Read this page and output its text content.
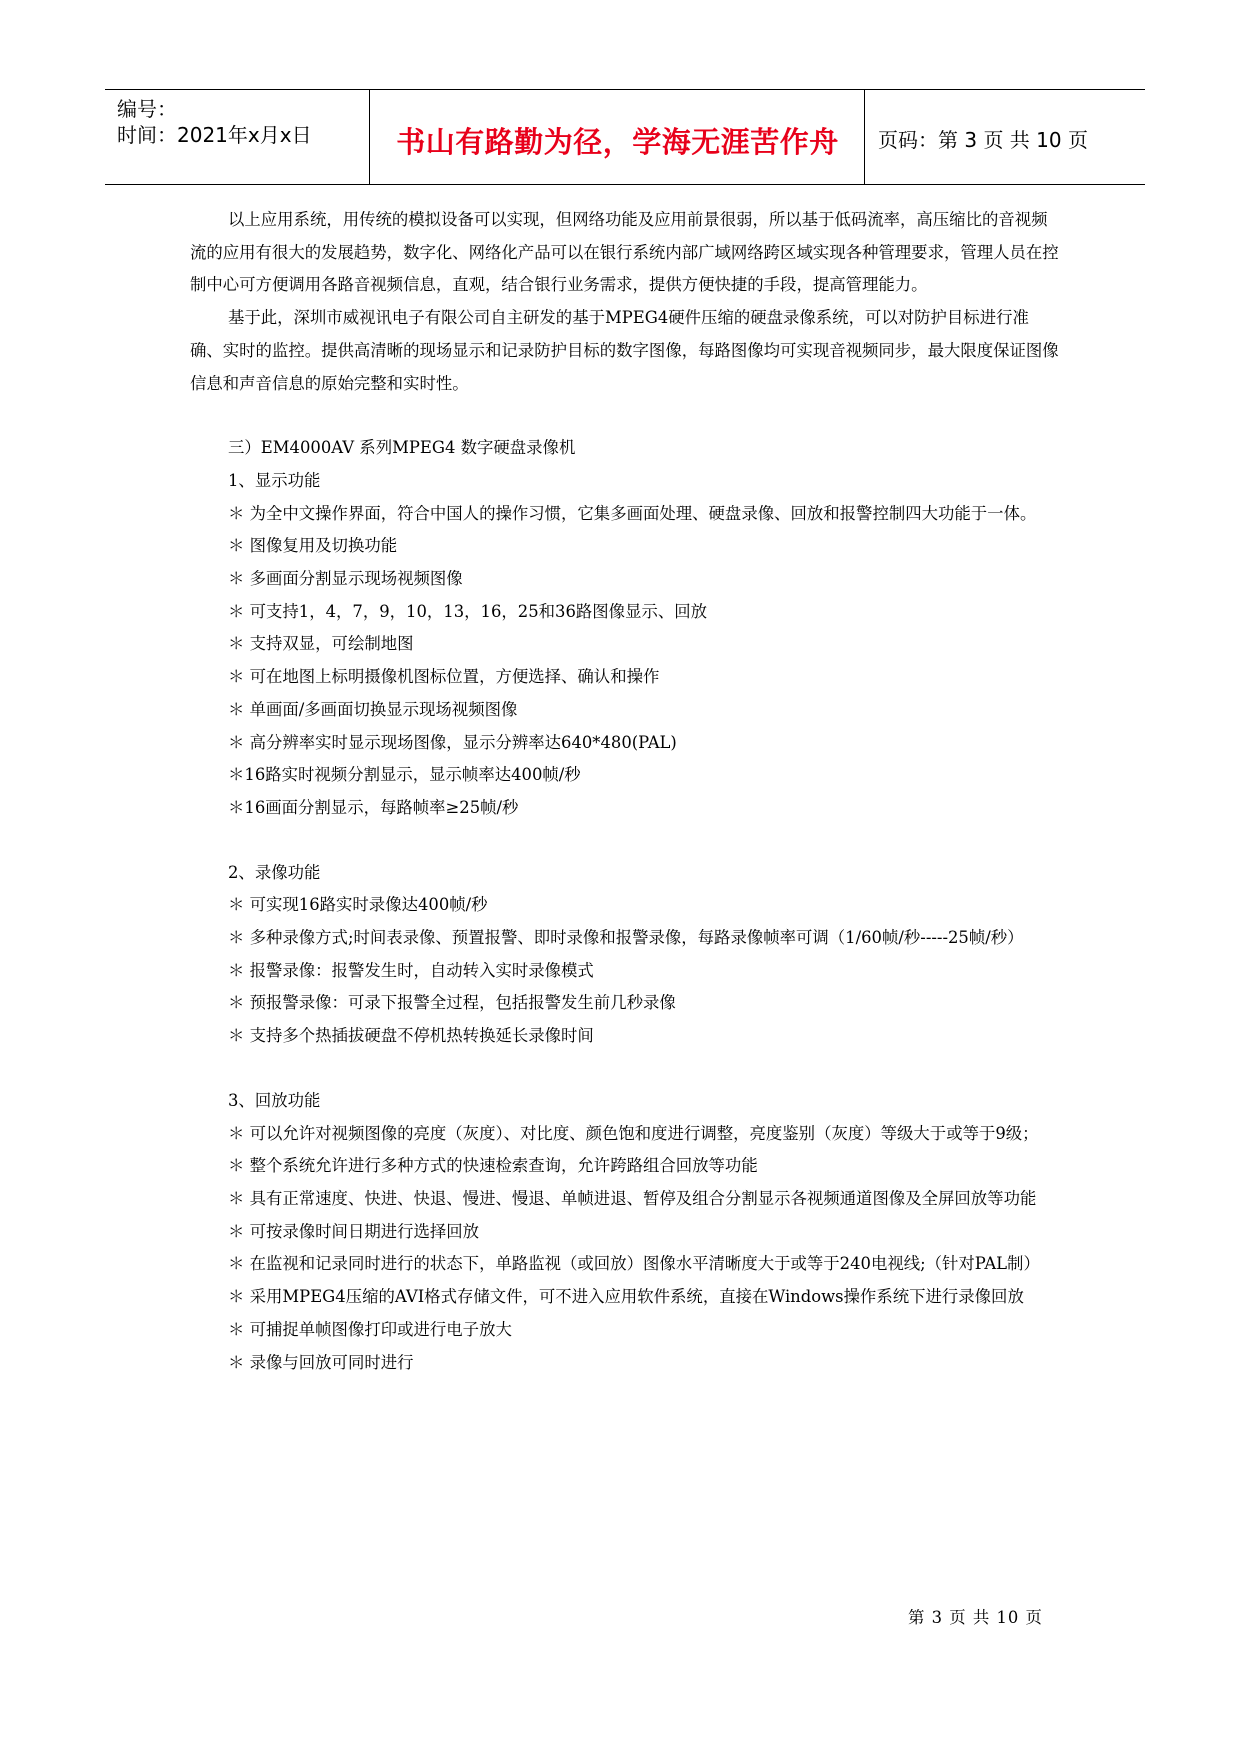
编号：
时间：2021年x月x日	书山有路勤为径，学海无涯苦作舟	页码：第 3 页 共 10 页

以上应用系统，用传统的模拟设备可以实现，但网络功能及应用前景很弱，所以基于低码流率，高压缩比的音视频流的应用有很大的发展趋势，数字化、网络化产品可以在银行系统内部广域网络跨区域实现各种管理要求，管理人员在控制中心可方便调用各路音视频信息，直观，结合银行业务需求，提供方便快捷的手段，提高管理能力。

基于此，深圳市威视讯电子有限公司自主研发的基于MPEG4硬件压缩的硬盘录像系统，可以对防护目标进行准确、实时的监控。提供高清晰的现场显示和记录防护目标的数字图像，每路图像均可实现音视频同步，最大限度保证图像信息和声音信息的原始完整和实时性。

三）EM4000AV 系列MPEG4 数字硬盘录像机

1、显示功能

＊ 为全中文操作界面，符合中国人的操作习惯，它集多画面处理、硬盘录像、回放和报警控制四大功能于一体。

＊ 图像复用及切换功能

＊ 多画面分割显示现场视频图像

＊ 可支持1，4，7，9，10，13，16，25和36路图像显示、回放

＊ 支持双显，可绘制地图

＊ 可在地图上标明摄像机图标位置，方便选择、确认和操作

＊ 单画面/多画面切换显示现场视频图像

＊ 高分辨率实时显示现场图像，显示分辨率达640*480(PAL)

＊16路实时视频分割显示，显示帧率达400帧/秒

＊16画面分割显示，每路帧率≥25帧/秒

2、录像功能

＊ 可实现16路实时录像达400帧/秒

＊ 多种录像方式;时间表录像、预置报警、即时录像和报警录像，每路录像帧率可调（1/60帧/秒-----25帧/秒）

＊ 报警录像：报警发生时，自动转入实时录像模式

＊ 预报警录像：可录下报警全过程，包括报警发生前几秒录像

＊ 支持多个热插拔硬盘不停机热转换延长录像时间

3、回放功能

＊ 可以允许对视频图像的亮度（灰度）、对比度、颜色饱和度进行调整，亮度鉴别（灰度）等级大于或等于9级；

＊ 整个系统允许进行多种方式的快速检索查询，允许跨路组合回放等功能

＊ 具有正常速度、快进、快退、慢进、慢退、单帧进退、暂停及组合分割显示各视频通道图像及全屏回放等功能

＊ 可按录像时间日期进行选择回放

＊ 在监视和记录同时进行的状态下，单路监视（或回放）图像水平清晰度大于或等于240电视线;（针对PAL制）

＊ 采用MPEG4压缩的AVI格式存储文件，可不进入应用软件系统，直接在Windows操作系统下进行录像回放

＊ 可捕捉单帧图像打印或进行电子放大

＊ 录像与回放可同时进行

第 3 页 共 10 页
